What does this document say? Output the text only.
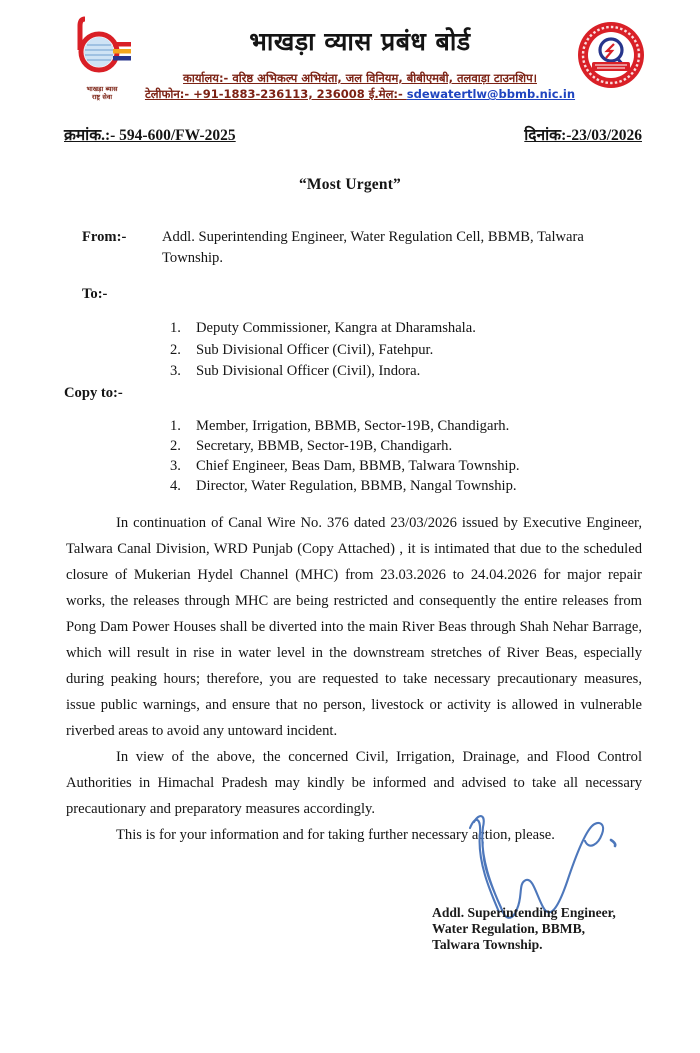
भाखड़ा ब्यास
राष्ट्र सेवा
भाखड़ा व्यास प्रबंध बोर्ड
कार्यालय:- वरिष्ठ अभिकल्प अभियंता, जल विनियम, बीबीएमबी, तलवाड़ा टाउनशिप।
टेलीफोन:- +91-1883-236113, 236008 ई.मेल:- sdewatertlw@bbmb.nic.in
क्रमांक.:- 594-600/FW-2025	दिनांक:-23/03/2026
“Most Urgent”
From:-	Addl. Superintending Engineer, Water Regulation Cell, BBMB, Talwara Township.
To:-
1. Deputy Commissioner, Kangra at Dharamshala.
2. Sub Divisional Officer (Civil), Fatehpur.
3. Sub Divisional Officer (Civil), Indora.
Copy to:-
1. Member, Irrigation, BBMB, Sector-19B, Chandigarh.
2. Secretary, BBMB, Sector-19B, Chandigarh.
3. Chief Engineer, Beas Dam, BBMB, Talwara Township.
4. Director, Water Regulation, BBMB, Nangal Township.

In continuation of Canal Wire No. 376 dated 23/03/2026 issued by Executive Engineer, Talwara Canal Division, WRD Punjab (Copy Attached) , it is intimated that due to the scheduled closure of Mukerian Hydel Channel (MHC) from 23.03.2026 to 24.04.2026 for major repair works, the releases through MHC are being restricted and consequently the entire releases from Pong Dam Power Houses shall be diverted into the main River Beas through Shah Nehar Barrage, which will result in rise in water level in the downstream stretches of River Beas, especially during peaking hours; therefore, you are requested to take necessary precautionary measures, issue public warnings, and ensure that no person, livestock or activity is allowed in vulnerable riverbed areas to avoid any untoward incident.

In view of the above, the concerned Civil, Irrigation, Drainage, and Flood Control Authorities in Himachal Pradesh may kindly be informed and advised to take all necessary precautionary and preparatory measures accordingly.

This is for your information and for taking further necessary action, please.

Addl. Superintending Engineer,
Water Regulation, BBMB,
Talwara Township.
